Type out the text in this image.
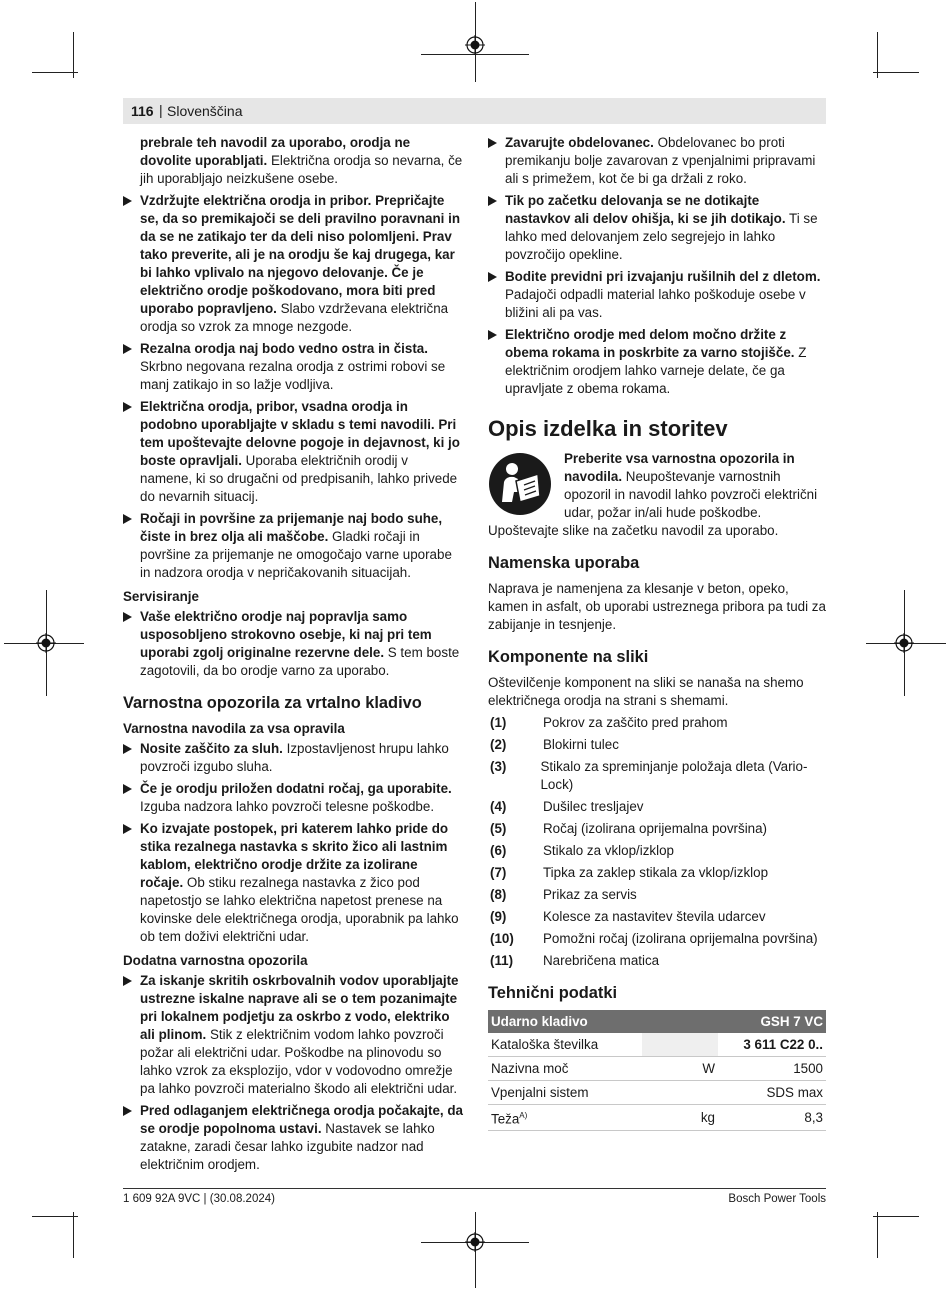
116 | Slovenščina

prebrale teh navodil za uporabo, orodja ne dovolite uporabljati. Električna orodja so nevarna, če jih uporabljajo neizkušene osebe.

Vzdržujte električna orodja in pribor. Prepričajte se, da so premikajoči se deli pravilno poravnani in da se ne zatikajo ter da deli niso polomljeni. Prav tako preverite, ali je na orodju še kaj drugega, kar bi lahko vplivalo na njegovo delovanje. Če je električno orodje poškodovano, mora biti pred uporabo popravljeno. Slabo vzdrževana električna orodja so vzrok za mnoge nezgode.
Rezalna orodja naj bodo vedno ostra in čista. Skrbno negovana rezalna orodja z ostrimi robovi se manj zatikajo in so lažje vodljiva.
Električna orodja, pribor, vsadna orodja in podobno uporabljajte v skladu s temi navodili. Pri tem upoštevajte delovne pogoje in dejavnost, ki jo boste opravljali. Uporaba električnih orodij v namene, ki so drugačni od predpisanih, lahko privede do nevarnih situacij.
Ročaji in površine za prijemanje naj bodo suhe, čiste in brez olja ali maščobe. Gladki ročaji in površine za prijemanje ne omogočajo varne uporabe in nadzora orodja v nepričakovanih situacijah.

Servisiranje

Vaše električno orodje naj popravlja samo usposobljeno strokovno osebje, ki naj pri tem uporabi zgolj originalne rezervne dele. S tem boste zagotovili, da bo orodje varno za uporabo.

Varnostna opozorila za vrtalno kladivo

Varnostna navodila za vsa opravila

Nosite zaščito za sluh. Izpostavljenost hrupu lahko povzroči izgubo sluha.
Če je orodju priložen dodatni ročaj, ga uporabite. Izguba nadzora lahko povzroči telesne poškodbe.
Ko izvajate postopek, pri katerem lahko pride do stika rezalnega nastavka s skrito žico ali lastnim kablom, električno orodje držite za izolirane ročaje. Ob stiku rezalnega nastavka z žico pod napetostjo se lahko električna napetost prenese na kovinske dele električnega orodja, uporabnik pa lahko ob tem doživi električni udar.

Dodatna varnostna opozorila

Za iskanje skritih oskrbovalnih vodov uporabljajte ustrezne iskalne naprave ali se o tem pozanimajte pri lokalnem podjetju za oskrbo z vodo, elektriko ali plinom. Stik z električnim vodom lahko povzroči požar ali električni udar. Poškodbe na plinovodu so lahko vzrok za eksplozijo, vdor v vodovodno omrežje pa lahko povzroči materialno škodo ali električni udar.
Pred odlaganjem električnega orodja počakajte, da se orodje popolnoma ustavi. Nastavek se lahko zatakne, zaradi česar lahko izgubite nadzor nad električnim orodjem.
Zavarujte obdelovanec. Obdelovanec bo proti premikanju bolje zavarovan z vpenjalnimi pripravami ali s primežem, kot če bi ga držali z roko.
Tik po začetku delovanja se ne dotikajte nastavkov ali delov ohišja, ki se jih dotikajo. Ti se lahko med delovanjem zelo segrejejo in lahko povzročijo opekline.
Bodite previdni pri izvajanju rušilnih del z dletom. Padajoči odpadli material lahko poškoduje osebe v bližini ali pa vas.
Električno orodje med delom močno držite z obema rokama in poskrbite za varno stojišče. Z električnim orodjem lahko varneje delate, če ga upravljate z obema rokama.

Opis izdelka in storitev

Preberite vsa varnostna opozorila in navodila. Neupoštevanje varnostnih opozoril in navodil lahko povzroči električni udar, požar in/ali hude poškodbe.

Upoštevajte slike na začetku navodil za uporabo.

Namenska uporaba

Naprava je namenjena za klesanje v beton, opeko, kamen in asfalt, ob uporabi ustreznega pribora pa tudi za zabijanje in tesnjenje.

Komponente na sliki

Oštevilčenje komponent na sliki se nanaša na shemo električnega orodja na strani s shemami.

(1)	Pokrov za zaščito pred prahom
(2)	Blokirni tulec
(3)	Stikalo za spreminjanje položaja dleta (Vario-Lock)
(4)	Dušilec tresljajev
(5)	Ročaj (izolirana oprijemalna površina)
(6)	Stikalo za vklop/izklop
(7)	Tipka za zaklep stikala za vklop/izklop
(8)	Prikaz za servis
(9)	Kolesce za nastavitev števila udarcev
(10)	Pomožni ročaj (izolirana oprijemalna površina)
(11)	Narebričena matica

Tehnični podatki

Udarno kladivo		GSH 7 VC
Kataloška številka		3 611 C22 0..
Nazivna moč	W	1500
Vpenjalni sistem		SDS max
Teža$^{A)}$	kg	8,3
1 609 92A 9VC | (30.08.2024)	Bosch Power Tools
